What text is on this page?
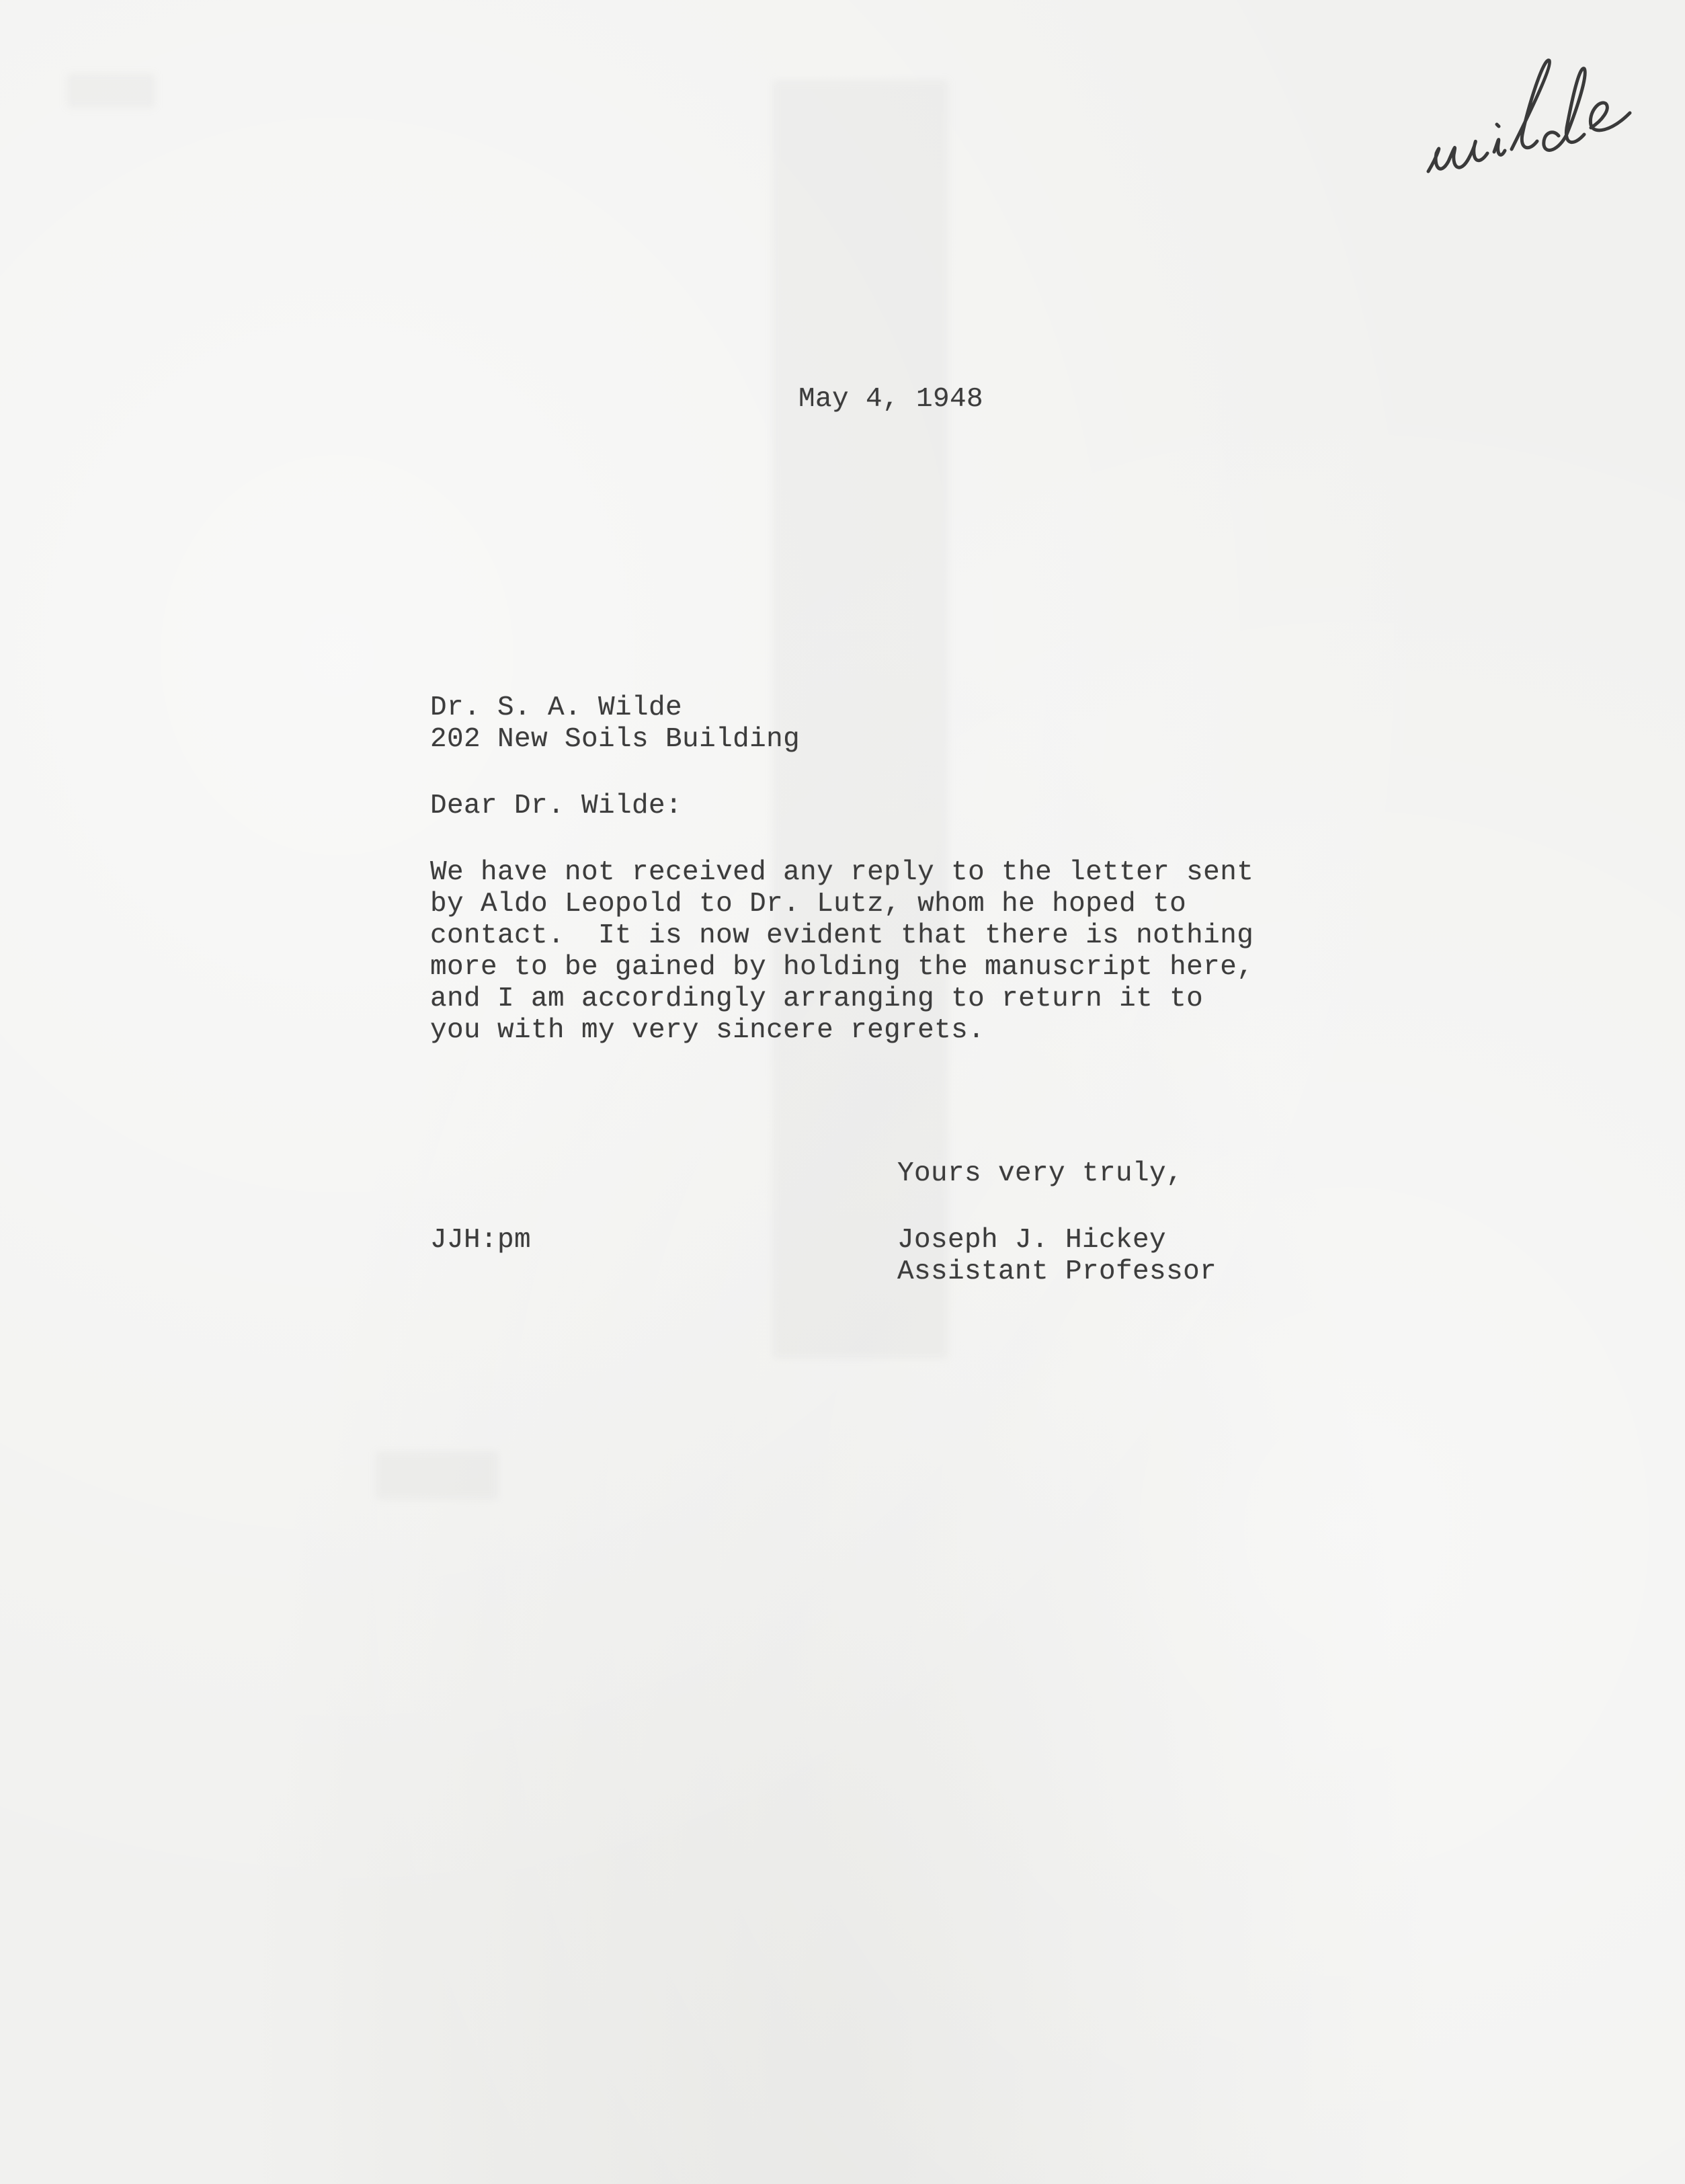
May 4, 1948
Dr. S. A. Wilde
202 New Soils Building
Dear Dr. Wilde:
We have not received any reply to the letter sent
by Aldo Leopold to Dr. Lutz, whom he hoped to
contact.  It is now evident that there is nothing
more to be gained by holding the manuscript here,
and I am accordingly arranging to return it to
you with my very sincere regrets.
Yours very truly,
JJH:pm	Joseph J. Hickey
Assistant Professor
